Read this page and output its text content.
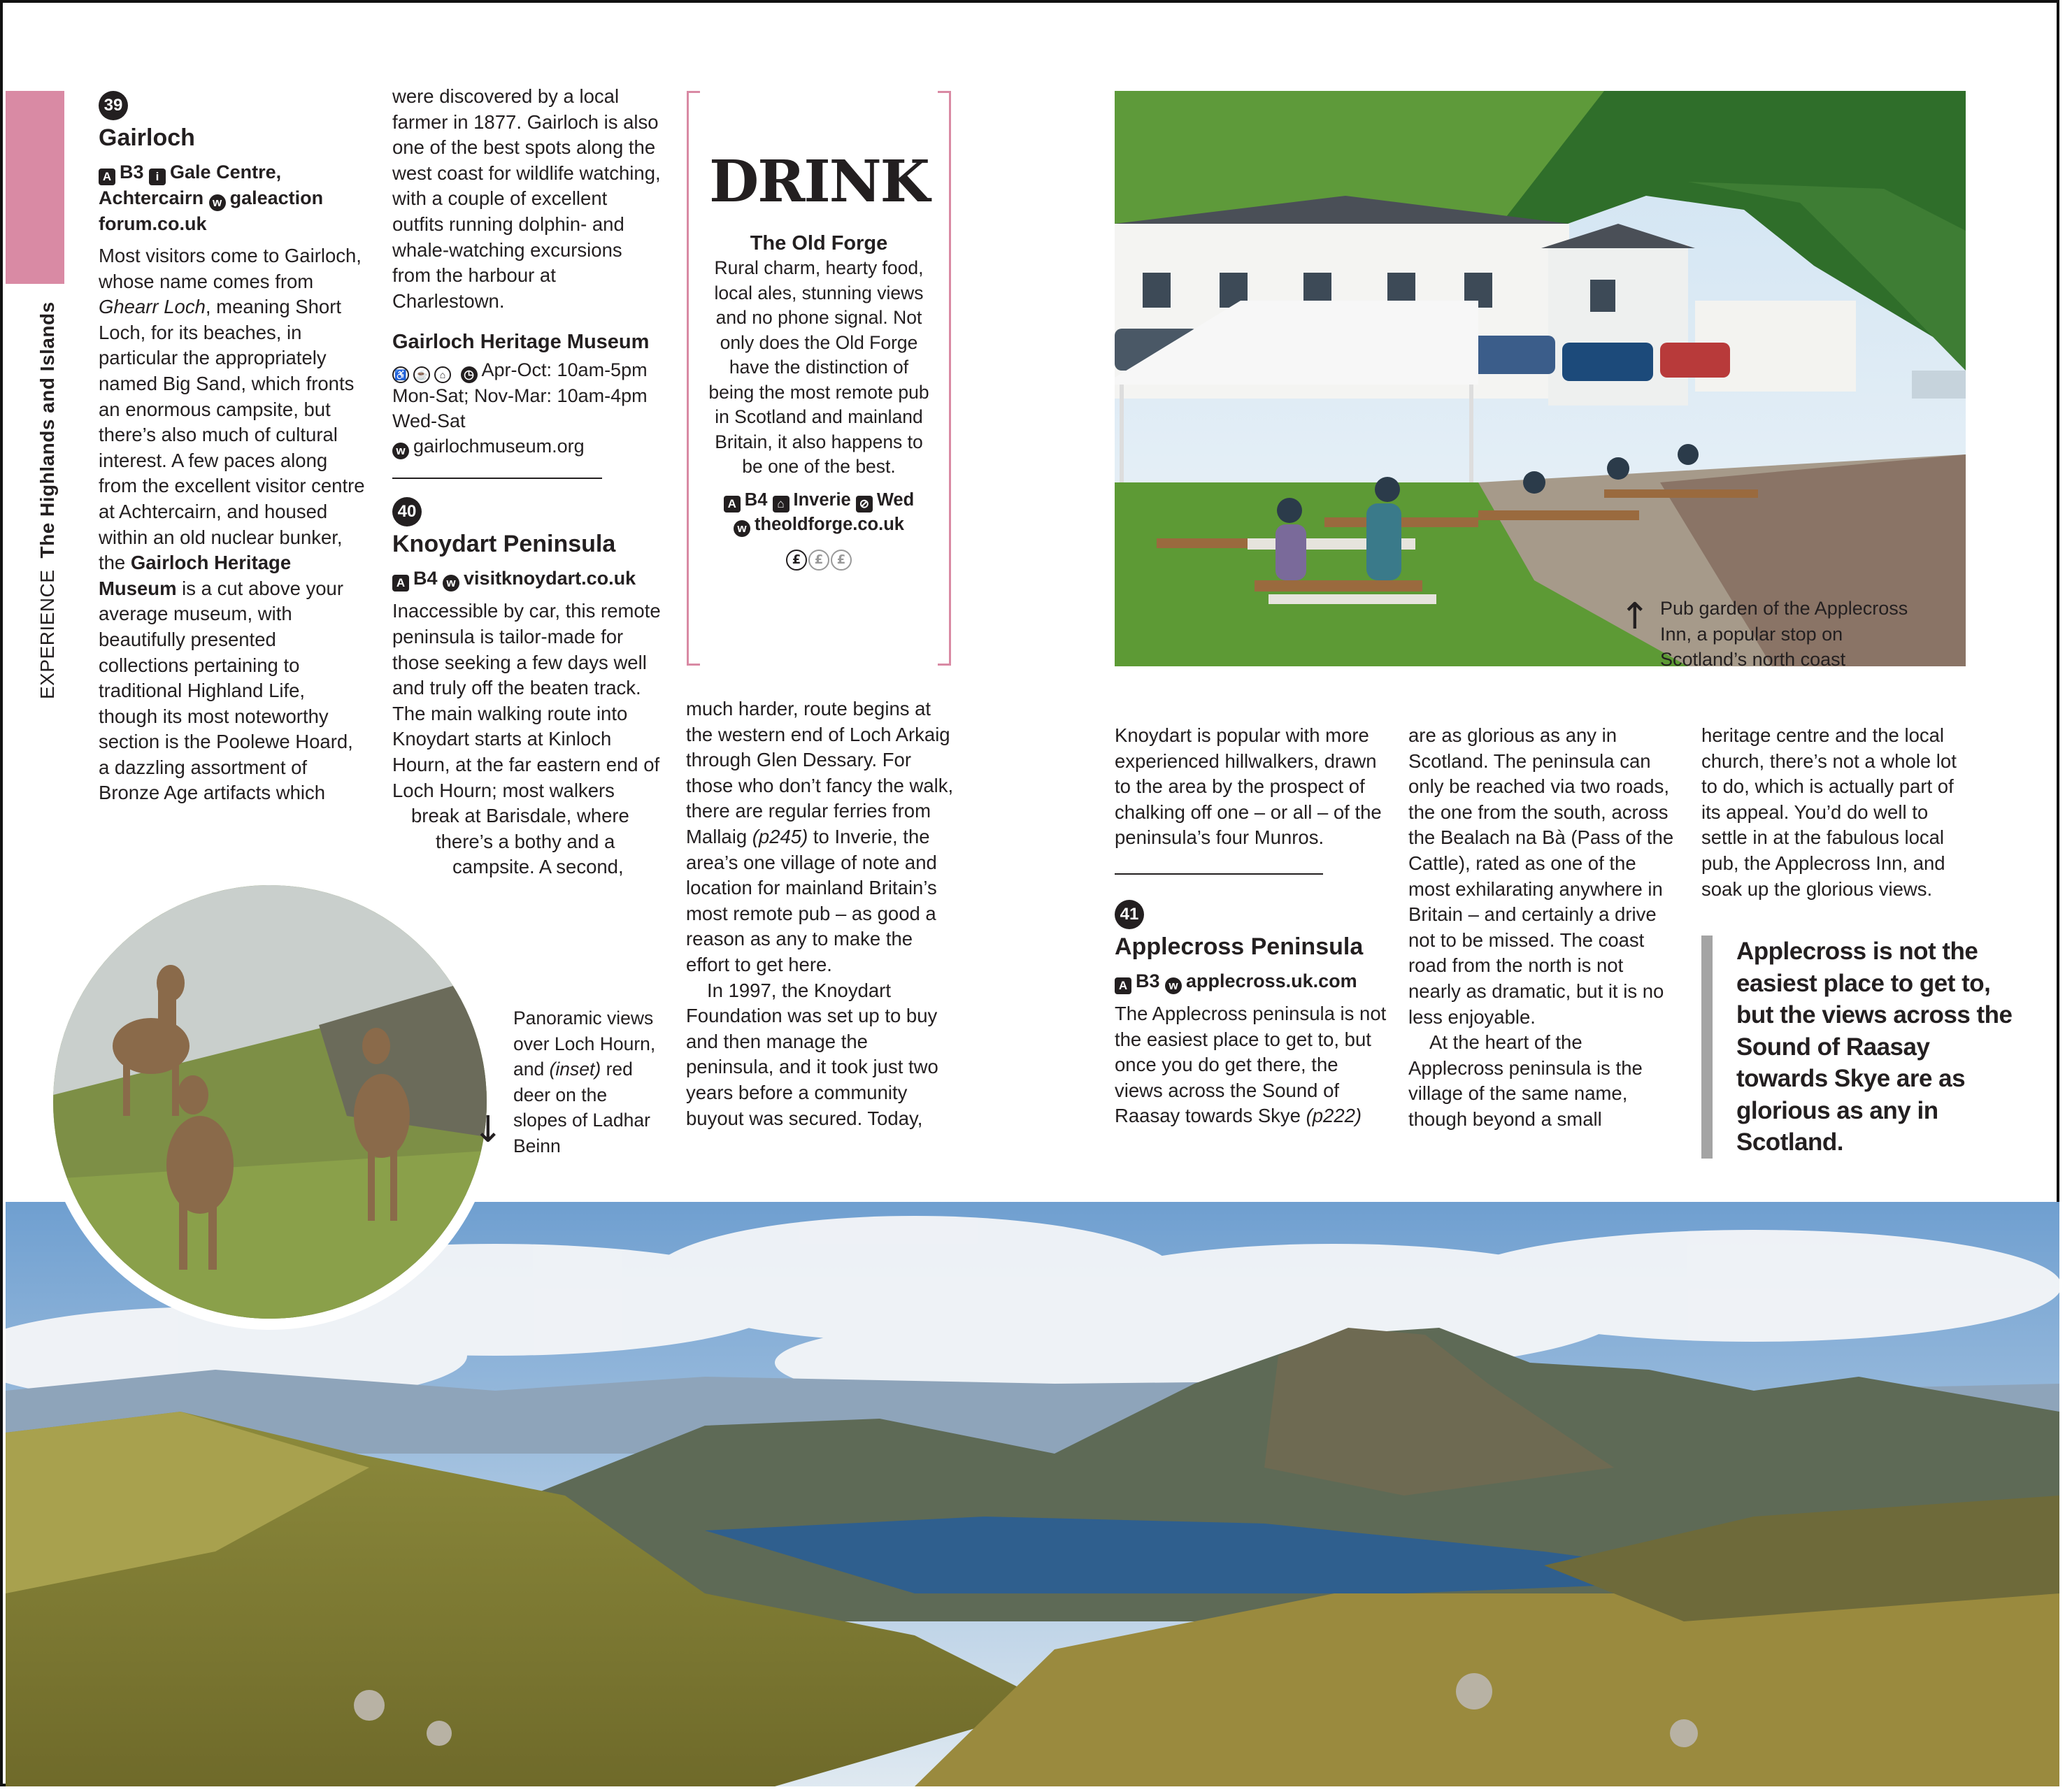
EXPERIENCEThe Highlands and Islands
39
Gairloch
A B3 i Gale Centre, Achtercairn w galeaction forum.co.uk

Most visitors come to Gairloch, whose name comes from Ghearr Loch, meaning Short Loch, for its beaches, in particular the appropriately named Big Sand, which fronts an enormous campsite, but there’s also much of cultural interest. A few paces along from the excellent visitor centre at Achtercairn, and housed within an old nuclear bunker, the Gairloch Heritage Museum is a cut above your average museum, with beautifully presented collections pertaining to traditional Highland Life, though its most noteworthy section is the Poolewe Hoard, a dazzling assortment of Bronze Age artifacts which

were discovered by a local farmer in 1877. Gairloch is also one of the best spots along the west coast for wildlife watching, with a couple of excellent outfits running dolphin- and whale-watching excursions from the harbour at Charlestown.

Gairloch Heritage Museum
♿ ☕ ⌂ ◷ Apr-Oct: 10am-5pm Mon-Sat; Nov-Mar: 10am-4pm Wed-Sat
w gairlochmuseum.org
40
Knoydart Peninsula
A B4 w visitknoydart.co.uk

Inaccessible by car, this remote peninsula is tailor-made for those seeking a few days well and truly off the beaten track. The main walking route into Knoydart starts at Kinloch Hourn, at the far eastern end of Loch Hourn; most walkers

break at Barisdale, where

there’s a bothy and a

campsite. A second,

DRINK
The Old Forge
Rural charm, hearty food, local ales, stunning views and no phone signal. Not only does the Old Forge have the distinction of being the most remote pub in Scotland and mainland Britain, it also happens to be one of the best.
A B4 ⌂ Inverie ⊘ Wed
w theoldforge.co.uk
£ £ £

much harder, route begins at the western end of Loch Arkaig through Glen Dessary. For those who don’t fancy the walk, there are regular ferries from Mallaig (p245) to Inverie, the area’s one village of note and location for mainland Britain’s most remote pub – as good a reason as any to make the effort to get here.

In 1997, the Knoydart Foundation was set up to buy and then manage the peninsula, and it took just two years before a community buyout was secured. Today,

Knoydart is popular with more experienced hillwalkers, drawn to the area by the prospect of chalking off one – or all – of the peninsula’s four Munros.

41
Applecross Peninsula
A B3 w applecross.uk.com

The Applecross peninsula is not the easiest place to get to, but once you do get there, the views across the Sound of Raasay towards Skye (p222)

are as glorious as any in Scotland. The peninsula can only be reached via two roads, the one from the south, across the Bealach na Bà (Pass of the Cattle), rated as one of the most exhilarating anywhere in Britain – and certainly a drive not to be missed. The coast road from the north is not nearly as dramatic, but it is no less enjoyable.

At the heart of the Applecross peninsula is the village of the same name, though beyond a small

heritage centre and the local church, there’s not a whole lot to do, which is actually part of its appeal. You’d do well to settle in at the fabulous local pub, the Applecross Inn, and soak up the glorious views.

Applecross is not the easiest place to get to, but the views across the Sound of Raasay towards Skye are as glorious as any in Scotland.
↑ Pub garden of the Applecross Inn, a popular stop on Scotland’s north coast
Panoramic views over Loch Hourn, and (inset) red deer on the slopes of Ladhar Beinn
↓
